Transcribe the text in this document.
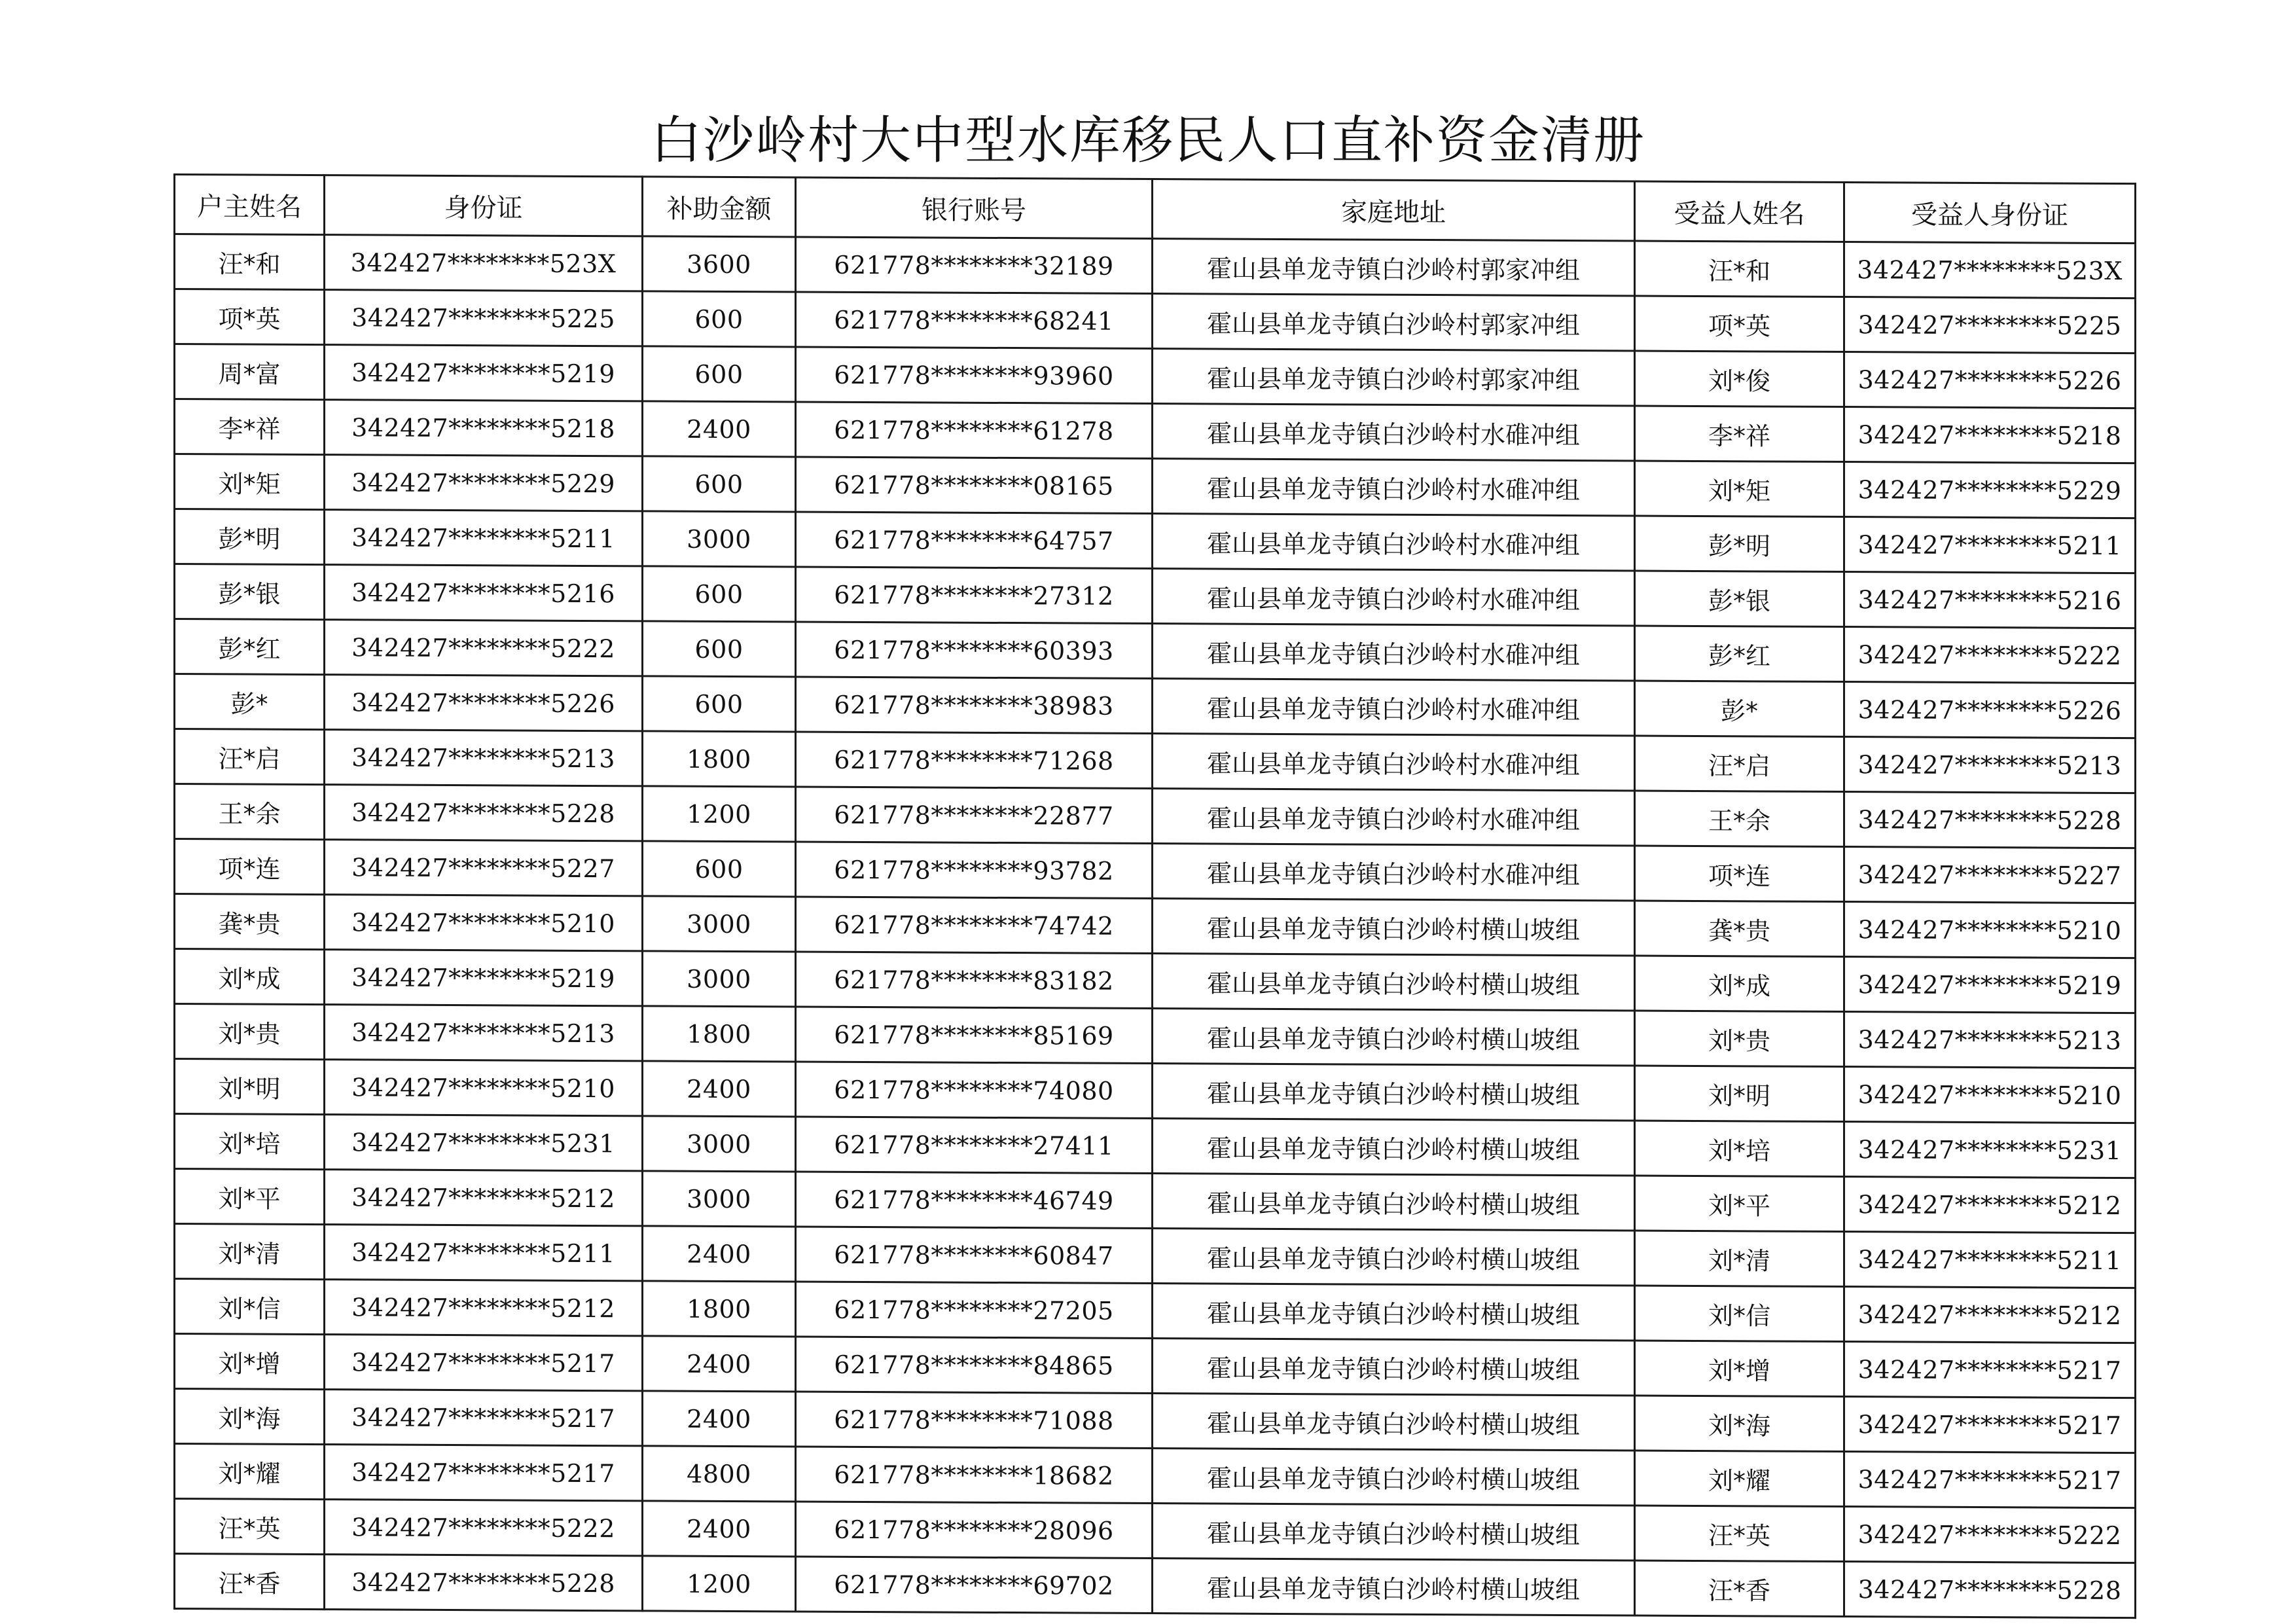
白沙岭村大中型水库移民人口直补资金清册
户主姓名	身份证	补助金额	银行账号	家庭地址	受益人姓名	受益人身份证
汪*和	342427********523X	3600	621778********32189	霍山县单龙寺镇白沙岭村郭家冲组	汪*和	342427********523X
项*英	342427********5225	600	621778********68241	霍山县单龙寺镇白沙岭村郭家冲组	项*英	342427********5225
周*富	342427********5219	600	621778********93960	霍山县单龙寺镇白沙岭村郭家冲组	刘*俊	342427********5226
李*祥	342427********5218	2400	621778********61278	霍山县单龙寺镇白沙岭村水碓冲组	李*祥	342427********5218
刘*矩	342427********5229	600	621778********08165	霍山县单龙寺镇白沙岭村水碓冲组	刘*矩	342427********5229
彭*明	342427********5211	3000	621778********64757	霍山县单龙寺镇白沙岭村水碓冲组	彭*明	342427********5211
彭*银	342427********5216	600	621778********27312	霍山县单龙寺镇白沙岭村水碓冲组	彭*银	342427********5216
彭*红	342427********5222	600	621778********60393	霍山县单龙寺镇白沙岭村水碓冲组	彭*红	342427********5222
彭*	342427********5226	600	621778********38983	霍山县单龙寺镇白沙岭村水碓冲组	彭*	342427********5226
汪*启	342427********5213	1800	621778********71268	霍山县单龙寺镇白沙岭村水碓冲组	汪*启	342427********5213
王*余	342427********5228	1200	621778********22877	霍山县单龙寺镇白沙岭村水碓冲组	王*余	342427********5228
项*连	342427********5227	600	621778********93782	霍山县单龙寺镇白沙岭村水碓冲组	项*连	342427********5227
龚*贵	342427********5210	3000	621778********74742	霍山县单龙寺镇白沙岭村横山坡组	龚*贵	342427********5210
刘*成	342427********5219	3000	621778********83182	霍山县单龙寺镇白沙岭村横山坡组	刘*成	342427********5219
刘*贵	342427********5213	1800	621778********85169	霍山县单龙寺镇白沙岭村横山坡组	刘*贵	342427********5213
刘*明	342427********5210	2400	621778********74080	霍山县单龙寺镇白沙岭村横山坡组	刘*明	342427********5210
刘*培	342427********5231	3000	621778********27411	霍山县单龙寺镇白沙岭村横山坡组	刘*培	342427********5231
刘*平	342427********5212	3000	621778********46749	霍山县单龙寺镇白沙岭村横山坡组	刘*平	342427********5212
刘*清	342427********5211	2400	621778********60847	霍山县单龙寺镇白沙岭村横山坡组	刘*清	342427********5211
刘*信	342427********5212	1800	621778********27205	霍山县单龙寺镇白沙岭村横山坡组	刘*信	342427********5212
刘*增	342427********5217	2400	621778********84865	霍山县单龙寺镇白沙岭村横山坡组	刘*增	342427********5217
刘*海	342427********5217	2400	621778********71088	霍山县单龙寺镇白沙岭村横山坡组	刘*海	342427********5217
刘*耀	342427********5217	4800	621778********18682	霍山县单龙寺镇白沙岭村横山坡组	刘*耀	342427********5217
汪*英	342427********5222	2400	621778********28096	霍山县单龙寺镇白沙岭村横山坡组	汪*英	342427********5222
汪*香	342427********5228	1200	621778********69702	霍山县单龙寺镇白沙岭村横山坡组	汪*香	342427********5228
